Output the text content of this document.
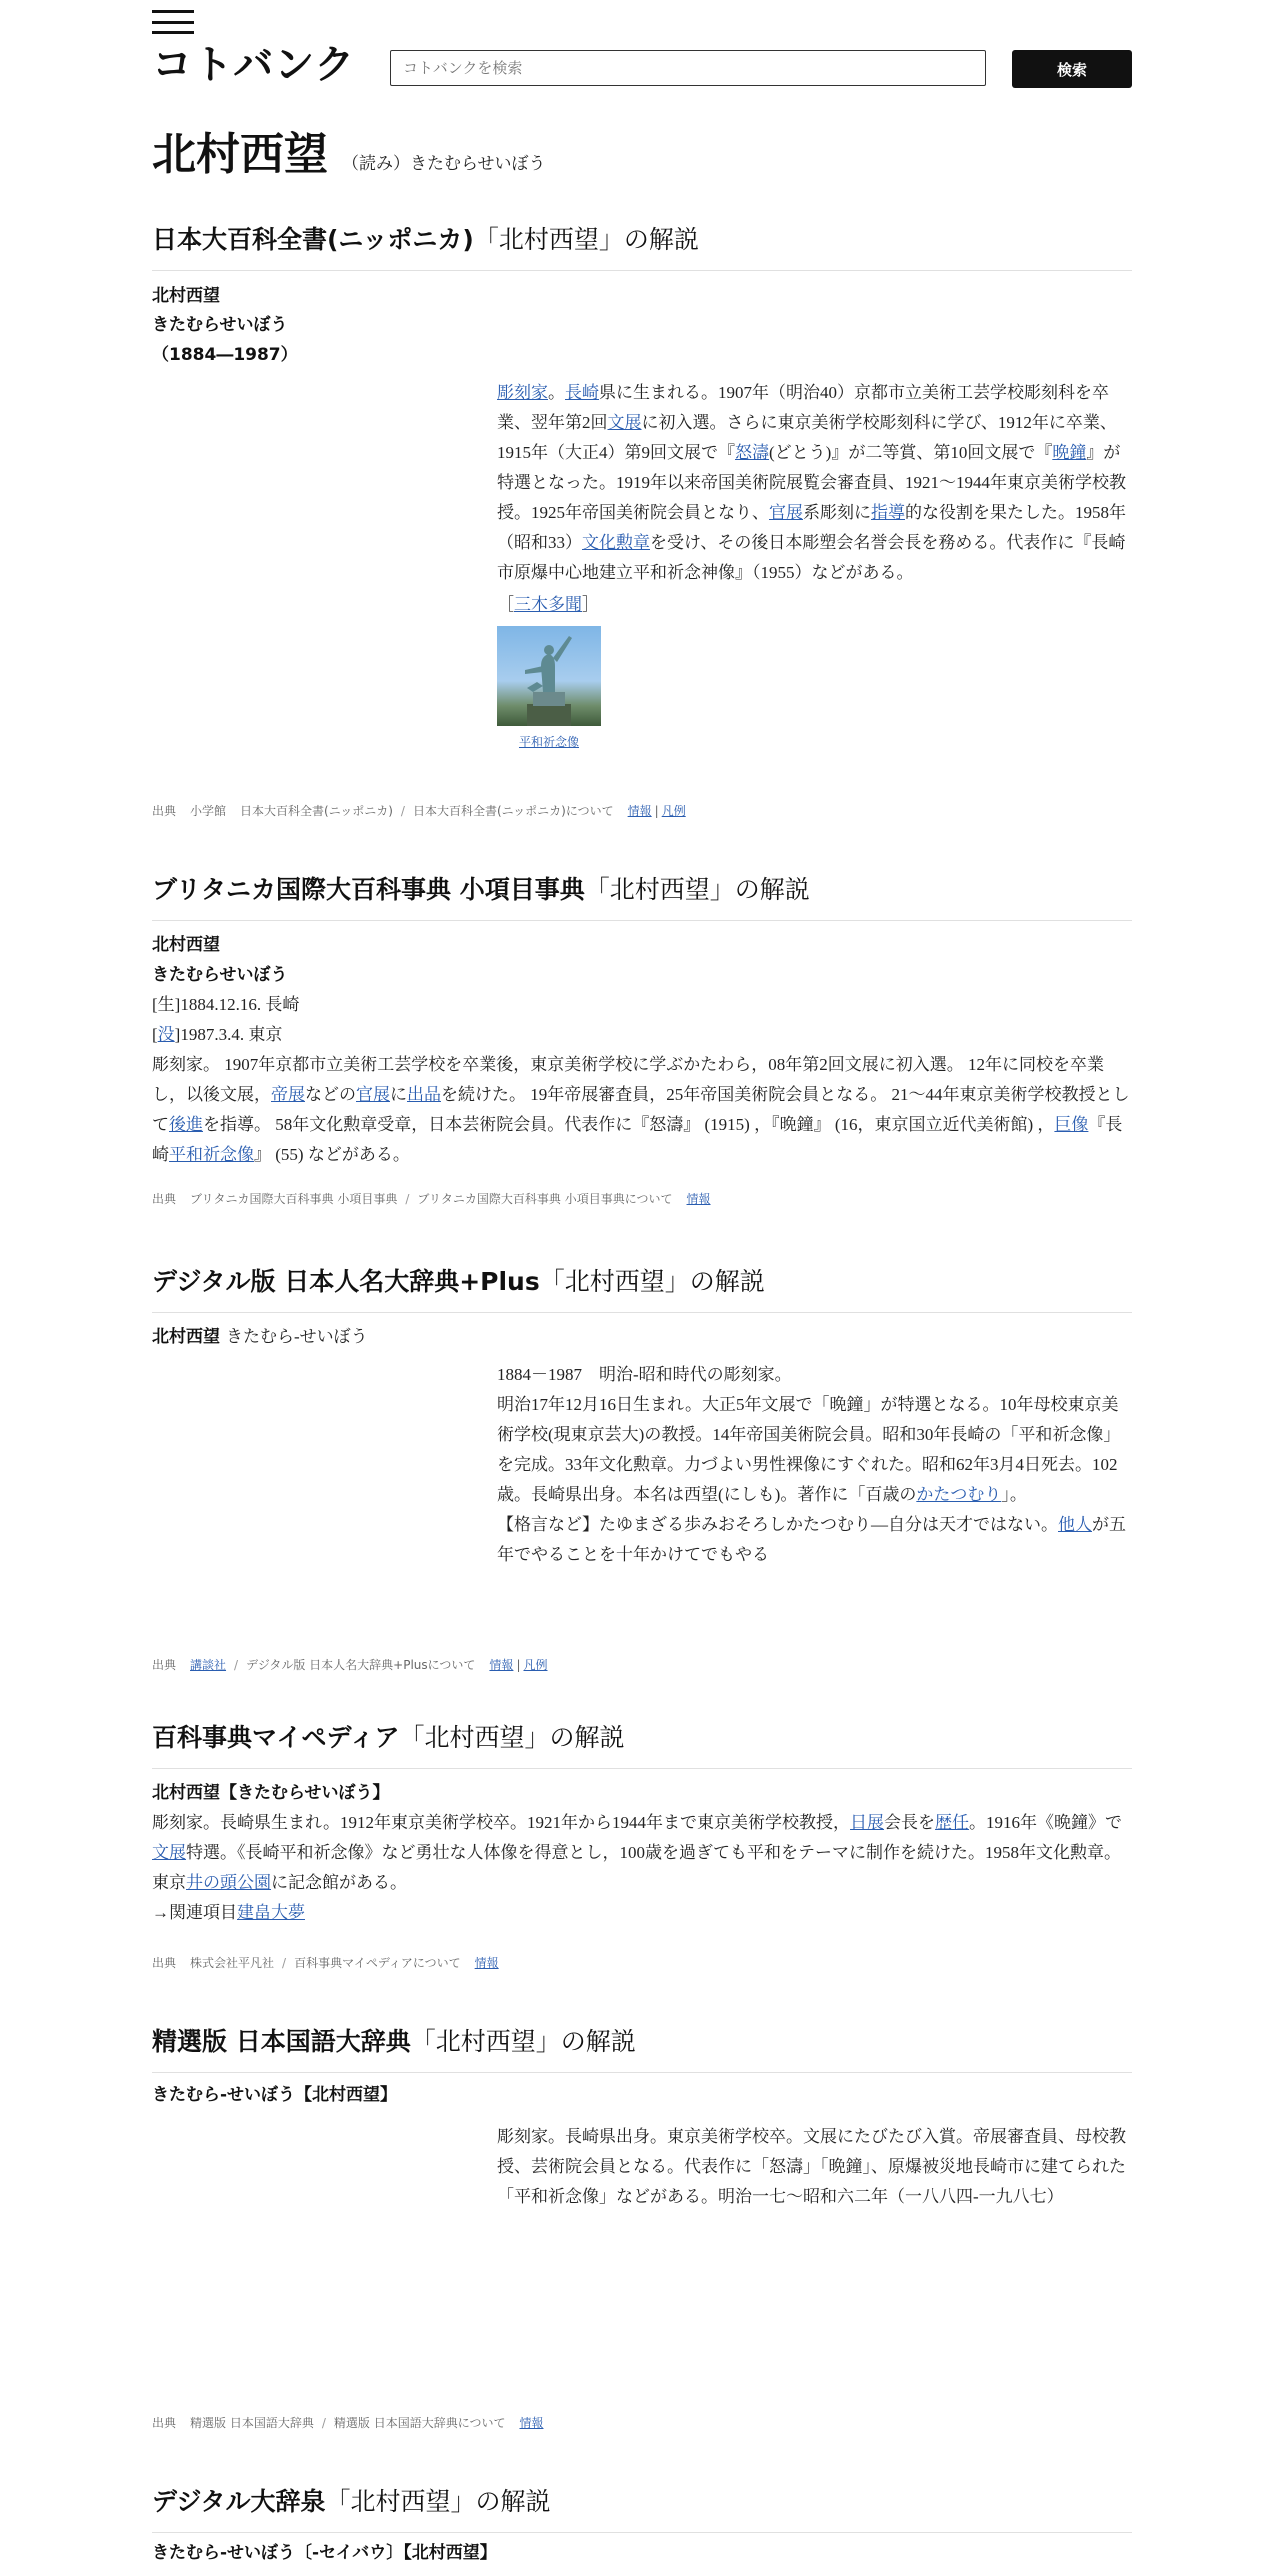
コトバンク
コトバンクを検索	検索
北村西望 （読み）きたむらせいぼう
日本大百科全書(ニッポニカ)「北村西望」の解説
北村西望
きたむらせいぼう
（1884―1987）
彫刻家。長崎県に生まれる。1907年（明治40）京都市立美術工芸学校彫刻科を卒業、翌年第2回文展に初入選。さらに東京美術学校彫刻科に学び、1912年に卒業、1915年（大正4）第9回文展で『怒濤(どとう)』が二等賞、第10回文展で『晩鐘』が特選となった。1919年以来帝国美術院展覧会審査員、1921～1944年東京美術学校教授。1925年帝国美術院会員となり、官展系彫刻に指導的な役割を果たした。1958年（昭和33）文化勲章を受け、その後日本彫塑会名誉会長を務める。代表作に『長崎市原爆中心地建立平和祈念神像』（1955）などがある。
［三木多聞］
平和祈念像
出典 小学館 日本大百科全書(ニッポニカ) / 日本大百科全書(ニッポニカ)について 情報 | 凡例
ブリタニカ国際大百科事典 小項目事典「北村西望」の解説
北村西望
きたむらせいぼう
[生]1884.12.16. 長崎
[没]1987.3.4. 東京
彫刻家。 1907年京都市立美術工芸学校を卒業後，東京美術学校に学ぶかたわら，08年第2回文展に初入選。 12年に同校を卒業し，以後文展，帝展などの官展に出品を続けた。 19年帝展審査員，25年帝国美術院会員となる。 21～44年東京美術学校教授として後進を指導。 58年文化勲章受章，日本芸術院会員。代表作に『怒濤』 (1915) ，『晩鐘』 (16，東京国立近代美術館) ，巨像『長崎平和祈念像』 (55) などがある。
出典 ブリタニカ国際大百科事典 小項目事典 / ブリタニカ国際大百科事典 小項目事典について 情報
デジタル版 日本人名大辞典+Plus「北村西望」の解説
北村西望 きたむら-せいぼう
1884－1987　明治-昭和時代の彫刻家。
明治17年12月16日生まれ。大正5年文展で「晩鐘」が特選となる。10年母校東京美術学校(現東京芸大)の教授。14年帝国美術院会員。昭和30年長崎の「平和祈念像」を完成。33年文化勲章。力づよい男性裸像にすぐれた。昭和62年3月4日死去。102歳。長崎県出身。本名は西望(にしも)。著作に「百歳のかたつむり」。
【格言など】たゆまざる歩みおそろしかたつむり―自分は天才ではない。他人が五年でやることを十年かけてでもやる
出典 講談社 / デジタル版 日本人名大辞典+Plusについて 情報 | 凡例
百科事典マイペディア「北村西望」の解説
北村西望【きたむらせいぼう】
彫刻家。長崎県生まれ。1912年東京美術学校卒。1921年から1944年まで東京美術学校教授，日展会長を歴任。1916年《晩鐘》で文展特選。《長崎平和祈念像》など勇壮な人体像を得意とし，100歳を過ぎても平和をテーマに制作を続けた。1958年文化勲章。東京井の頭公園に記念館がある。
→関連項目建畠大夢
出典 株式会社平凡社 / 百科事典マイペディアについて 情報
精選版 日本国語大辞典「北村西望」の解説
きたむら‐せいぼう【北村西望】
彫刻家。長崎県出身。東京美術学校卒。文展にたびたび入賞。帝展審査員、母校教授、芸術院会員となる。代表作に「怒濤」「晩鐘」、原爆被災地長崎市に建てられた「平和祈念像」などがある。明治一七～昭和六二年（一八八四‐一九八七）
出典 精選版 日本国語大辞典 / 精選版 日本国語大辞典について 情報
デジタル大辞泉「北村西望」の解説
きたむら‐せいぼう〔‐セイバウ〕【北村西望】
